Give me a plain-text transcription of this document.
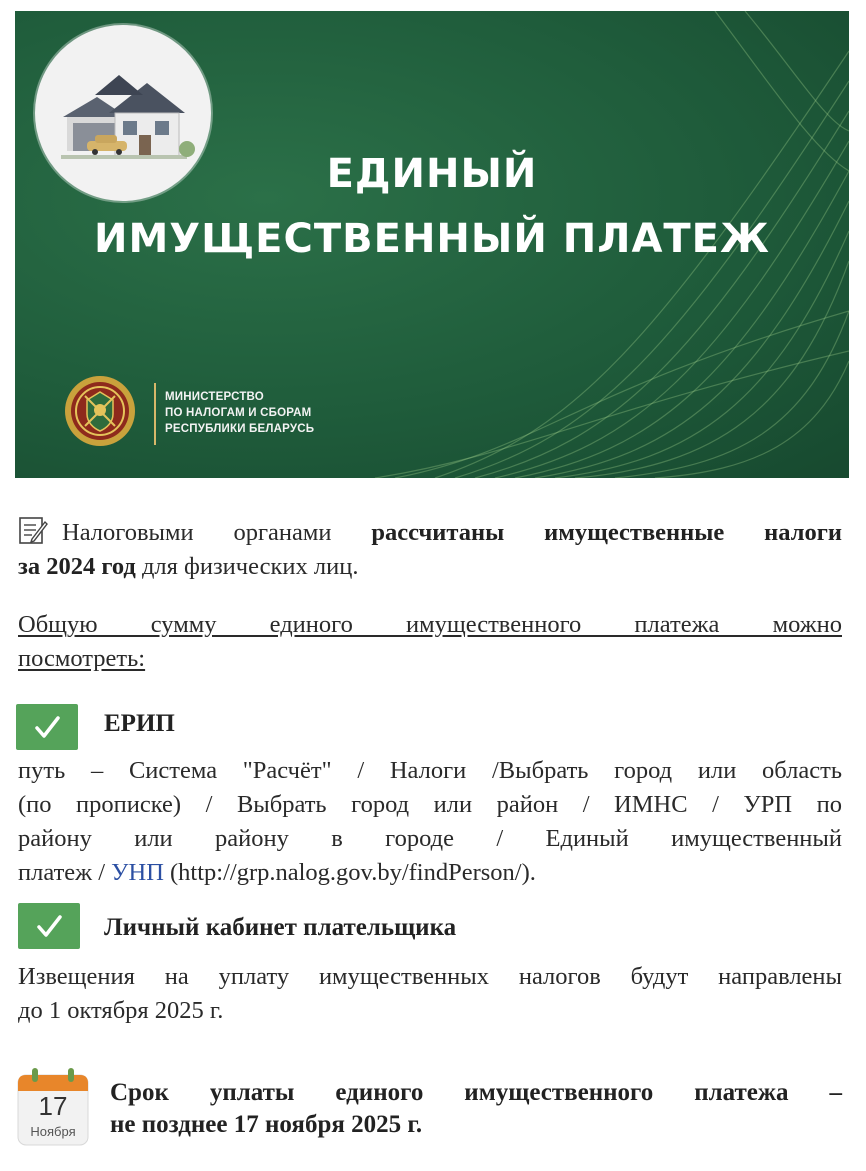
ЕДИНЫЙ
ИМУЩЕСТВЕННЫЙ ПЛАТЕЖ
МИНИСТЕРСТВО
ПО НАЛОГАМ И СБОРАМ
РЕСПУБЛИКИ БЕЛАРУСЬ
Налоговыми органами рассчитаны имущественные налоги
за 2024 год для физических лиц.
Общую сумму единого имущественного платежа можно
посмотреть:
ЕРИП
путь – Система "Расчёт" / Налоги /Выбрать город или область
(по прописке) / Выбрать город или район / ИМНС / УРП по
району или району в городе / Единый имущественный
платеж / УНП (http://grp.nalog.gov.by/findPerson/).
Личный кабинет плательщика
Извещения на уплату имущественных налогов будут направлены
до 1 октября 2025 г.
17
Ноября
Срок уплаты единого имущественного платежа –
не позднее 17 ноября 2025 г.
